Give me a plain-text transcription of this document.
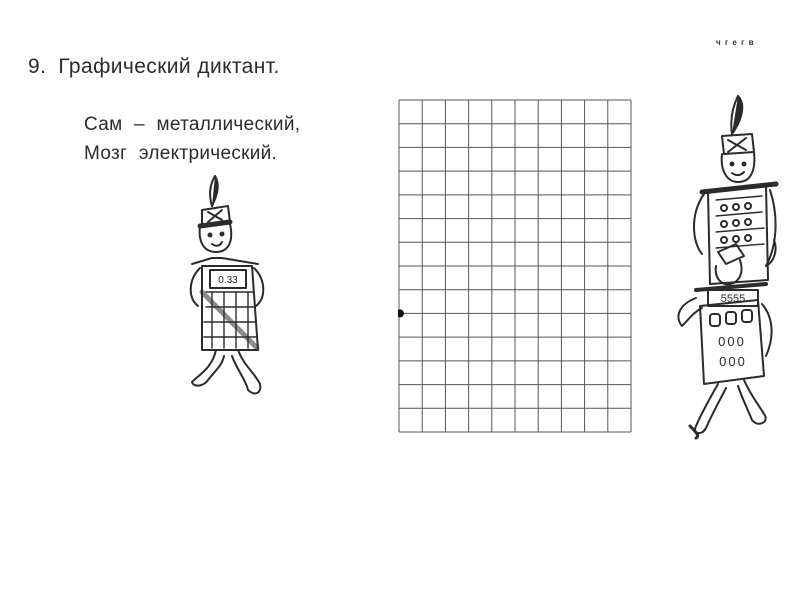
ч г е г в
9. Графический диктант.
Сам – металлический,
Мозг электрический.
0.33
5555
000
000
